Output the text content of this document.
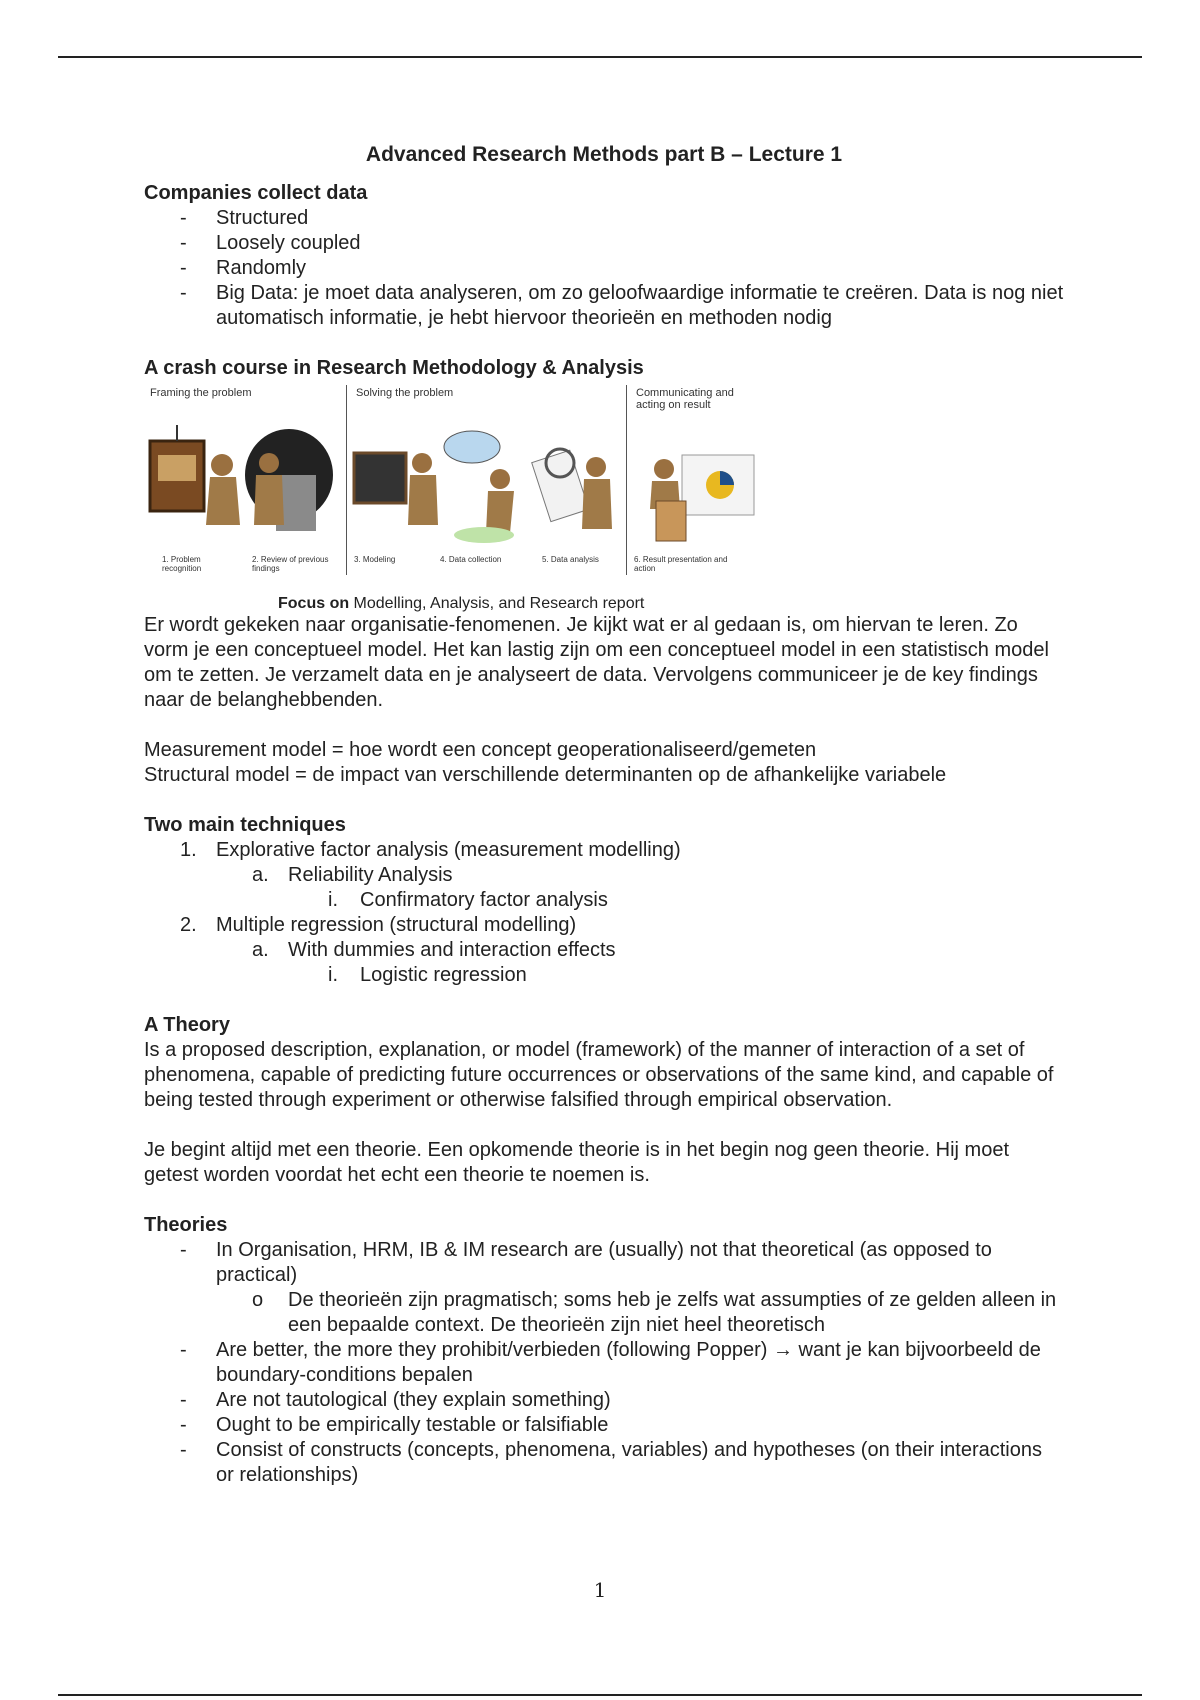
Advanced Research Methods part B – Lecture 1
Companies collect data
- Structured
- Loosely coupled
- Randomly
- Big Data: je moet data analyseren, om zo geloofwaardige informatie te creëren. Data is nog niet automatisch informatie, je hebt hiervoor theorieën en methoden nodig
A crash course in Research Methodology & Analysis
Framing the problem
1. Problem recognition
2. Review of previous findings
Solving the problem
3. Modeling	4. Data collection	5. Data analysis
Communicating and acting on result
6. Result presentation and action
Focus on Modelling, Analysis, and Research report
Er wordt gekeken naar organisatie-fenomenen. Je kijkt wat er al gedaan is, om hiervan te leren. Zo vorm je een conceptueel model. Het kan lastig zijn om een conceptueel model in een statistisch model om te zetten. Je verzamelt data en je analyseert de data. Vervolgens communiceer je de key findings naar de belanghebbenden.
Measurement model = hoe wordt een concept geoperationaliseerd/gemeten
Structural model = de impact van verschillende determinanten op de afhankelijke variabele
Two main techniques
1. Explorative factor analysis (measurement modelling)
a. Reliability Analysis
i. Confirmatory factor analysis
2. Multiple regression (structural modelling)
a. With dummies and interaction effects
i. Logistic regression
A Theory
Is a proposed description, explanation, or model (framework) of the manner of interaction of a set of phenomena, capable of predicting future occurrences or observations of the same kind, and capable of being tested through experiment or otherwise falsified through empirical observation.
Je begint altijd met een theorie. Een opkomende theorie is in het begin nog geen theorie. Hij moet getest worden voordat het echt een theorie te noemen is.
Theories
- In Organisation, HRM, IB & IM research are (usually) not that theoretical (as opposed to practical)
o De theorieën zijn pragmatisch; soms heb je zelfs wat assumpties of ze gelden alleen in een bepaalde context. De theorieën zijn niet heel theoretisch
- Are better, the more they prohibit/verbieden (following Popper) → want je kan bijvoorbeeld de boundary-conditions bepalen
- Are not tautological (they explain something)
- Ought to be empirically testable or falsifiable
- Consist of constructs (concepts, phenomena, variables) and hypotheses (on their interactions or relationships)
1
